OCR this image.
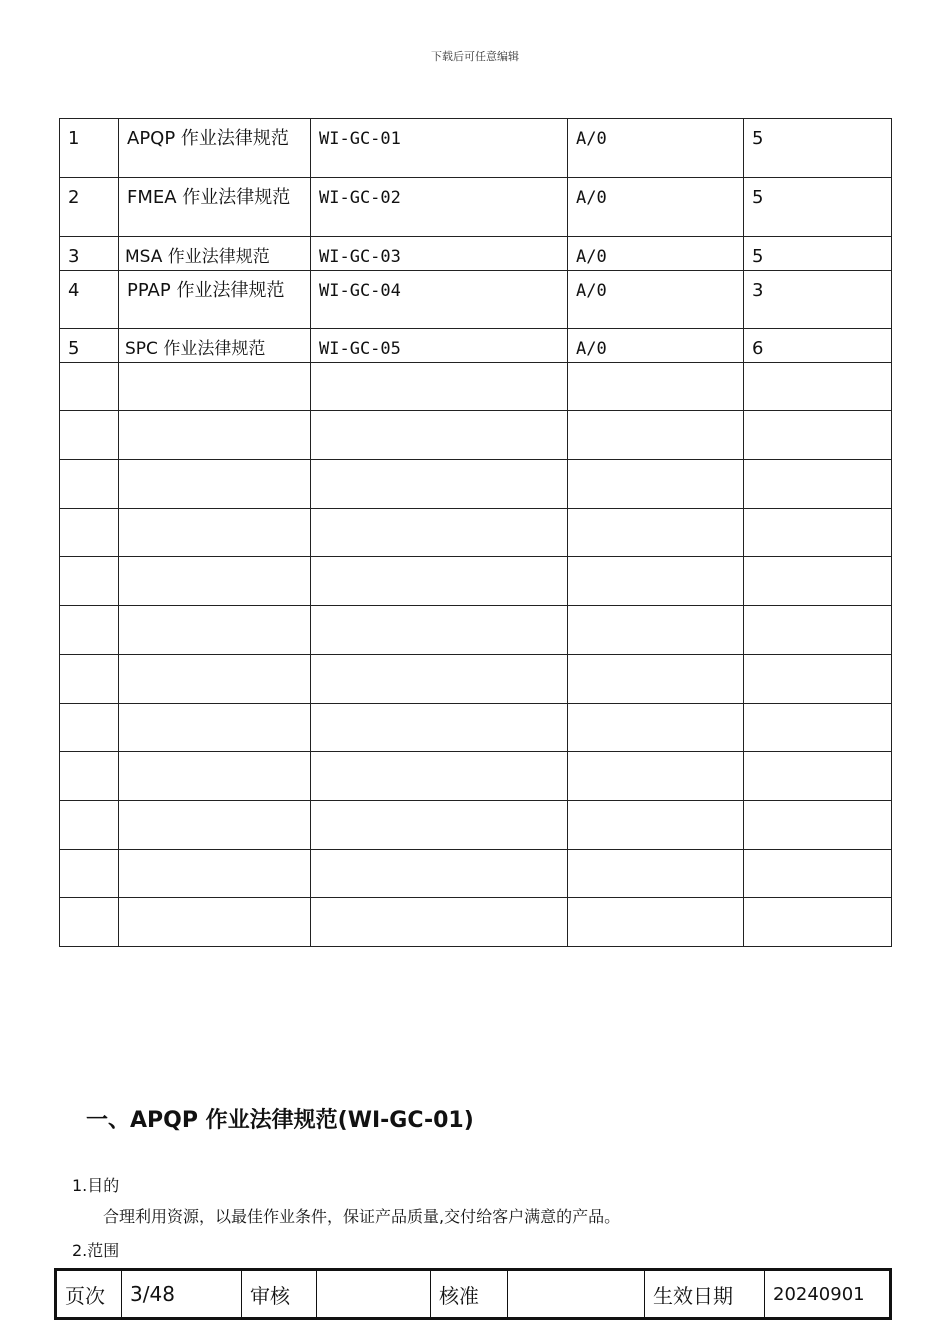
下载后可任意编辑
1	APQP 作业法律规范	WI-GC-01	A/0	5
2	FMEA 作业法律规范	WI-GC-02	A/0	5
3	MSA 作业法律规范	WI-GC-03	A/0	5
4	PPAP 作业法律规范	WI-GC-04	A/0	3
5	SPC 作业法律规范	WI-GC-05	A/0	6

一、APQP 作业法律规范(WI-GC-01)
1.目的
合理利用资源，以最佳作业条件，保证产品质量,交付给客户满意的产品。
2.范围
页次	3/48	审核		核准		生效日期	20240901
